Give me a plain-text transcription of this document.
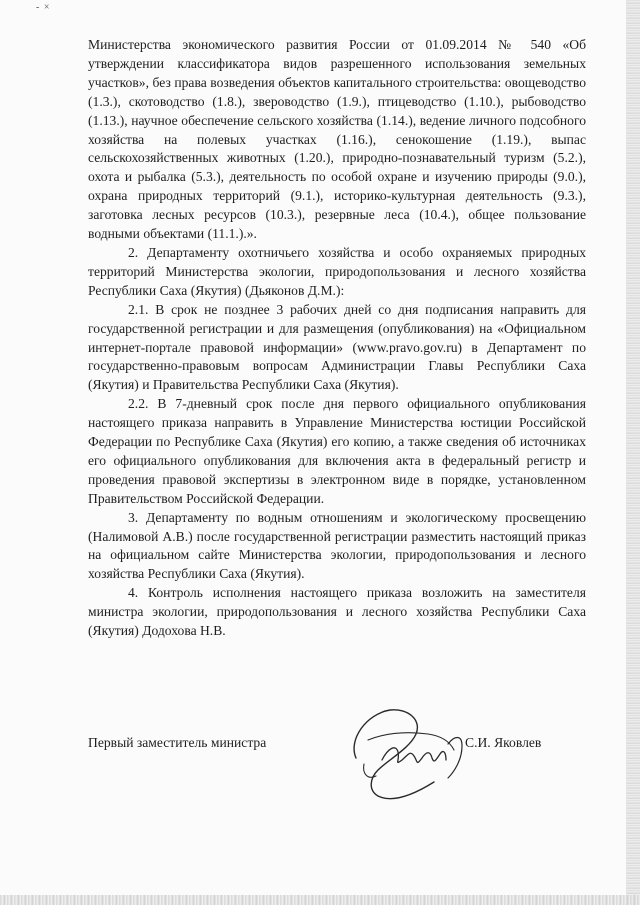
- ×

Министерства экономического развития России от 01.09.2014 № 540 «Об утверждении классификатора видов разрешенного использования земельных участков», без права возведения объектов капитального строительства: овощеводство (1.3.), скотоводство (1.8.), звероводство (1.9.), птицеводство (1.10.), рыбоводство (1.13.), научное обеспечение сельского хозяйства (1.14.), ведение личного подсобного хозяйства на полевых участках (1.16.), сенокошение (1.19.), выпас сельскохозяйственных животных (1.20.), природно-познавательный туризм (5.2.), охота и рыбалка (5.3.), деятельность по особой охране и изучению природы (9.0.), охрана природных территорий (9.1.), историко-культурная деятельность (9.3.), заготовка лесных ресурсов (10.3.), резервные леса (10.4.), общее пользование водными объектами (11.1.).».

2. Департаменту охотничьего хозяйства и особо охраняемых природных территорий Министерства экологии, природопользования и лесного хозяйства Республики Саха (Якутия) (Дьяконов Д.М.):

2.1. В срок не позднее 3 рабочих дней со дня подписания направить для государственной регистрации и для размещения (опубликования) на «Официальном интернет-портале правовой информации» (www.pravo.gov.ru) в Департамент по государственно-правовым вопросам Администрации Главы Республики Саха (Якутия) и Правительства Республики Саха (Якутия).

2.2. В 7-дневный срок после дня первого официального опубликования настоящего приказа направить в Управление Министерства юстиции Российской Федерации по Республике Саха (Якутия) его копию, а также сведения об источниках его официального опубликования для включения акта в федеральный регистр и проведения правовой экспертизы в электронном виде в порядке, установленном Правительством Российской Федерации.

3. Департаменту по водным отношениям и экологическому просвещению (Налимовой А.В.) после государственной регистрации разместить настоящий приказ на официальном сайте Министерства экологии, природопользования и лесного хозяйства Республики Саха (Якутия).

4. Контроль исполнения настоящего приказа возложить на заместителя министра экологии, природопользования и лесного хозяйства Республики Саха (Якутия) Додохова Н.В.

Первый заместитель министра	С.И. Яковлев
